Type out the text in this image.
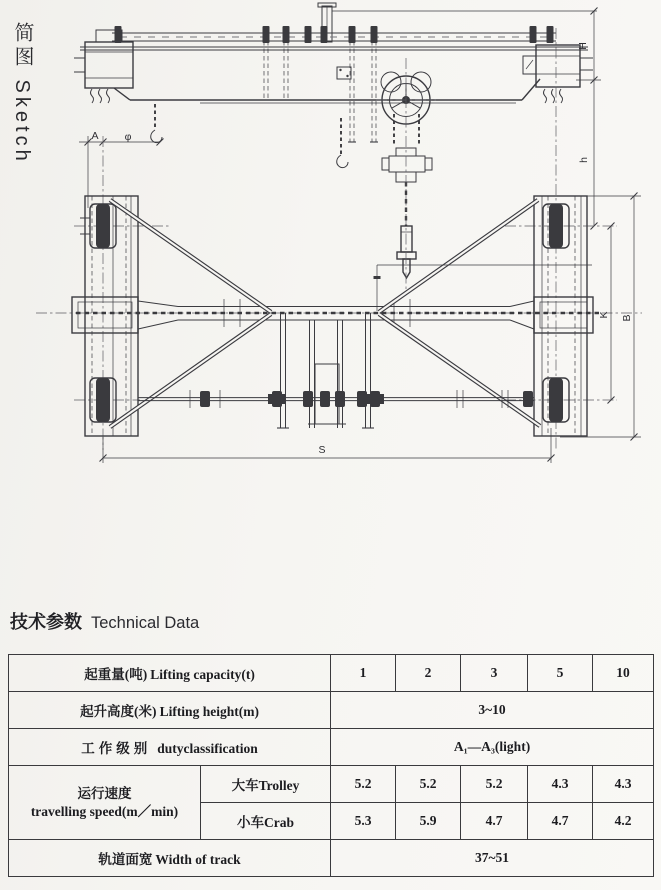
简图 Sketch	H
h
A φ
S
K B
技术参数 Technical Data
起重量(吨) Lifting capacity(t)		1	2	3	5	10
起升高度(米) Lifting height(m)		3~10				
工作级别 dutyclassification		A₁—A₃(light)				

运行速度
travelling speed(m／min)	大车Trolley	5.2	5.2	5.2	4.3	4.3
	小车Crab	5.3	5.9	4.7	4.7	4.2
轨道面宽 Width of track		37~51				
